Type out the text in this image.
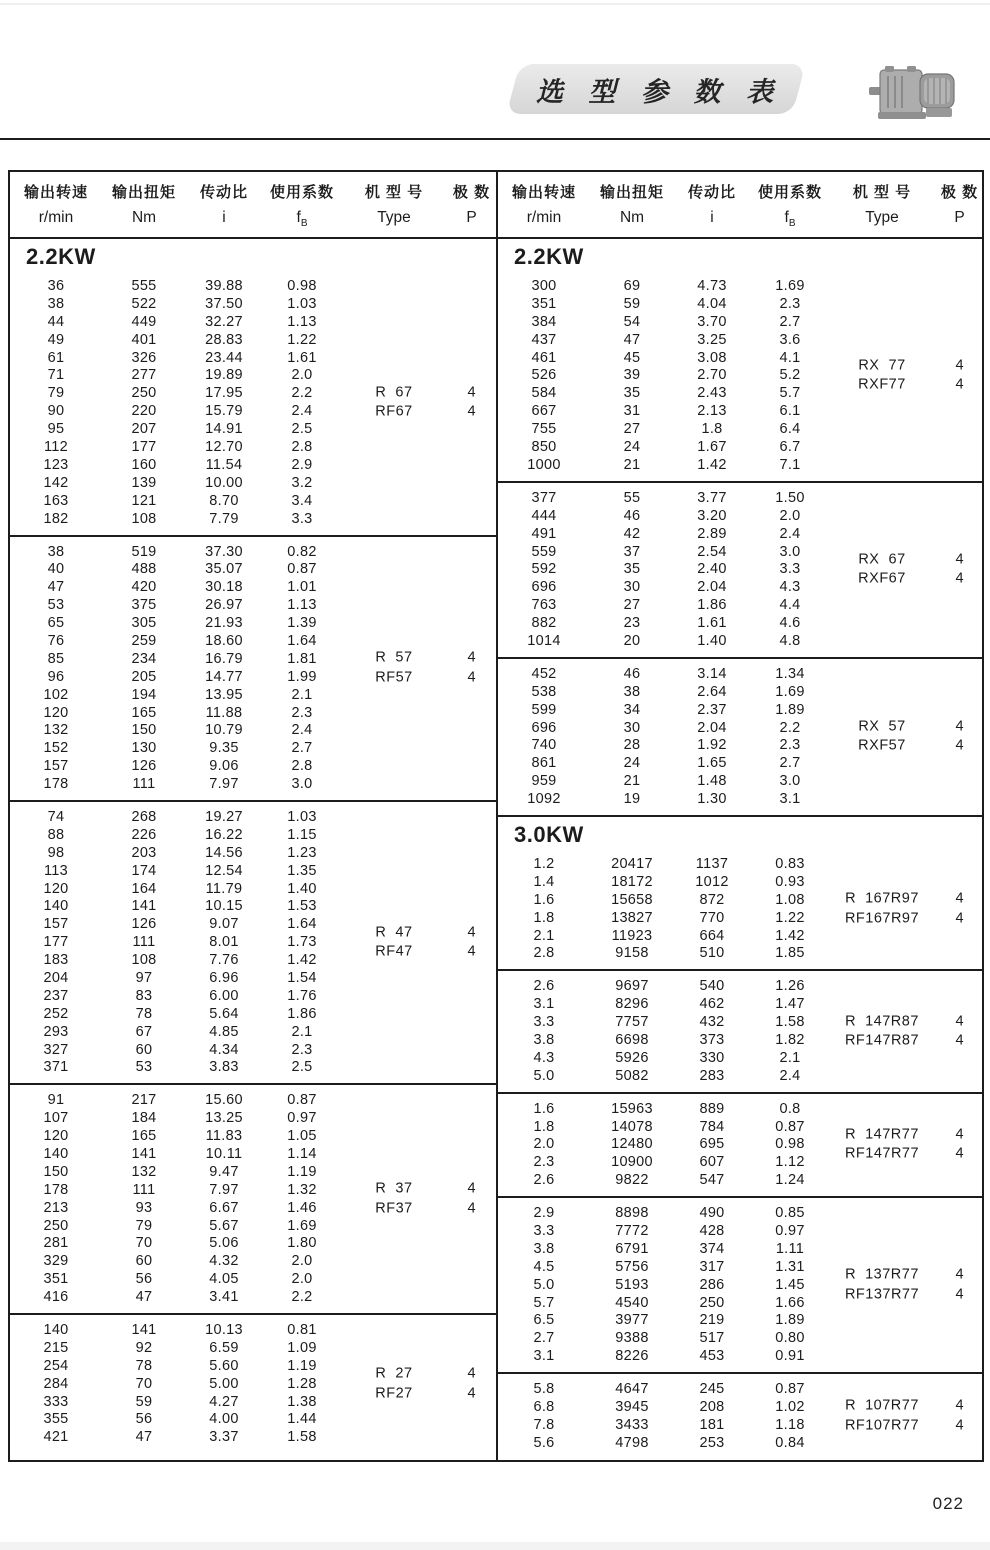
选 型 参 数 表
输出转速	输出扭矩	传动比	使用系数	机 型 号	极 数
r/min	Nm	i	$f_B$	Type	P
2.2KW
36	555	39.88	0.98
38	522	37.50	1.03
44	449	32.27	1.13
49	401	28.83	1.22
61	326	23.44	1.61
71	277	19.89	2.0
79	250	17.95	2.2
90	220	15.79	2.4
95	207	14.91	2.5
112	177	12.70	2.8
123	160	11.54	2.9
142	139	10.00	3.2
163	121	8.70	3.4
182	108	7.79	3.3
R  67	4
RF67	4
38	519	37.30	0.82
40	488	35.07	0.87
47	420	30.18	1.01
53	375	26.97	1.13
65	305	21.93	1.39
76	259	18.60	1.64
85	234	16.79	1.81
96	205	14.77	1.99
102	194	13.95	2.1
120	165	11.88	2.3
132	150	10.79	2.4
152	130	9.35	2.7
157	126	9.06	2.8
178	111	7.97	3.0
R  57	4
RF57	4
74	268	19.27	1.03
88	226	16.22	1.15
98	203	14.56	1.23
113	174	12.54	1.35
120	164	11.79	1.40
140	141	10.15	1.53
157	126	9.07	1.64
177	111	8.01	1.73
183	108	7.76	1.42
204	97	6.96	1.54
237	83	6.00	1.76
252	78	5.64	1.86
293	67	4.85	2.1
327	60	4.34	2.3
371	53	3.83	2.5
R  47	4
RF47	4
91	217	15.60	0.87
107	184	13.25	0.97
120	165	11.83	1.05
140	141	10.11	1.14
150	132	9.47	1.19
178	111	7.97	1.32
213	93	6.67	1.46
250	79	5.67	1.69
281	70	5.06	1.80
329	60	4.32	2.0
351	56	4.05	2.0
416	47	3.41	2.2
R  37	4
RF37	4
140	141	10.13	0.81
215	92	6.59	1.09
254	78	5.60	1.19
284	70	5.00	1.28
333	59	4.27	1.38
355	56	4.00	1.44
421	47	3.37	1.58
R  27	4
RF27	4
输出转速	输出扭矩	传动比	使用系数	机 型 号	极 数
r/min	Nm	i	$f_B$	Type	P
2.2KW
300	69	4.73	1.69
351	59	4.04	2.3
384	54	3.70	2.7
437	47	3.25	3.6
461	45	3.08	4.1
526	39	2.70	5.2
584	35	2.43	5.7
667	31	2.13	6.1
755	27	1.8	6.4
850	24	1.67	6.7
1000	21	1.42	7.1
RX  77	4
RXF77	4
377	55	3.77	1.50
444	46	3.20	2.0
491	42	2.89	2.4
559	37	2.54	3.0
592	35	2.40	3.3
696	30	2.04	4.3
763	27	1.86	4.4
882	23	1.61	4.6
1014	20	1.40	4.8
RX  67	4
RXF67	4
452	46	3.14	1.34
538	38	2.64	1.69
599	34	2.37	1.89
696	30	2.04	2.2
740	28	1.92	2.3
861	24	1.65	2.7
959	21	1.48	3.0
1092	19	1.30	3.1
RX  57	4
RXF57	4
3.0KW
1.2	20417	1137	0.83
1.4	18172	1012	0.93
1.6	15658	872	1.08
1.8	13827	770	1.22
2.1	11923	664	1.42
2.8	9158	510	1.85
R  167R97	4
RF167R97	4
2.6	9697	540	1.26
3.1	8296	462	1.47
3.3	7757	432	1.58
3.8	6698	373	1.82
4.3	5926	330	2.1
5.0	5082	283	2.4
R  147R87	4
RF147R87	4
1.6	15963	889	0.8
1.8	14078	784	0.87
2.0	12480	695	0.98
2.3	10900	607	1.12
2.6	9822	547	1.24
R  147R77	4
RF147R77	4
2.9	8898	490	0.85
3.3	7772	428	0.97
3.8	6791	374	1.11
4.5	5756	317	1.31
5.0	5193	286	1.45
5.7	4540	250	1.66
6.5	3977	219	1.89
2.7	9388	517	0.80
3.1	8226	453	0.91
R  137R77	4
RF137R77	4
5.8	4647	245	0.87
6.8	3945	208	1.02
7.8	3433	181	1.18
5.6	4798	253	0.84
R  107R77	4
RF107R77	4
022
